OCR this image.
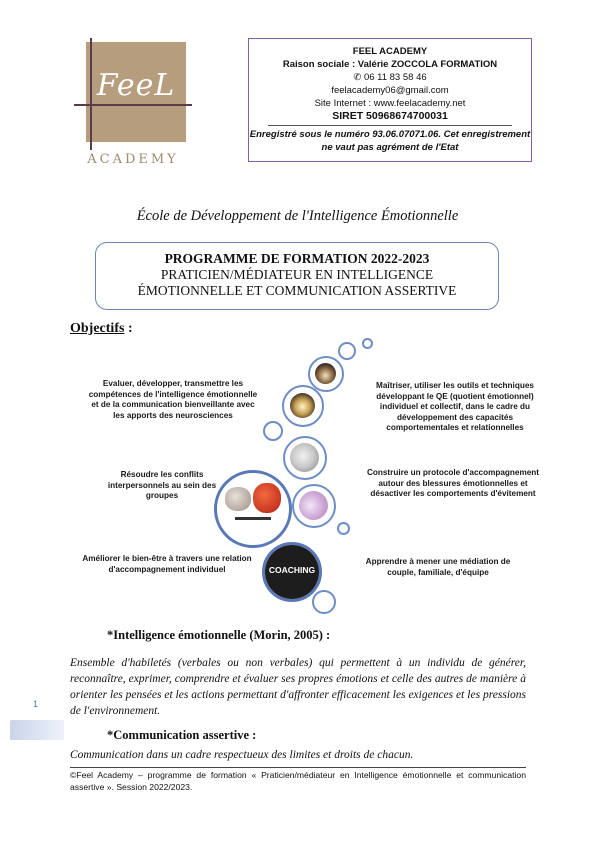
FeeL
ACADEMY
FEEL ACADEMY
Raison sociale : Valérie ZOCCOLA FORMATION
✆ 06 11 83 58 46
feelacademy06@gmail.com
Site Internet : www.feelacademy.net
SIRET 50968674700031
Enregistré sous le numéro 93.06.07071.06. Cet enregistrement ne vaut pas agrément de l'Etat
École de Développement de l'Intelligence Émotionnelle
PROGRAMME DE FORMATION 2022-2023
PRATICIEN/MÉDIATEUR EN INTELLIGENCE
ÉMOTIONNELLE ET COMMUNICATION ASSERTIVE
Objectifs :
Evaluer, développer, transmettre les compétences de l'intelligence émotionnelle et de la communication bienveillante avec les apports des neurosciences
Résoudre les conflits interpersonnels au sein des groupes
Améliorer le bien-être à travers une relation d'accompagnement individuel
Maîtriser, utiliser les outils et techniques développant le QE (quotient émotionnel) individuel et collectif, dans le cadre du développement des capacités comportementales et relationnelles
Construire un protocole d'accompagnement autour des blessures émotionnelles et désactiver les comportements d'évitement
Apprendre à mener une médiation de couple, familiale, d'équipe
COACHING
*Intelligence émotionnelle (Morin, 2005) :
Ensemble d'habiletés (verbales ou non verbales) qui permettent à un individu de générer, reconnaître, exprimer, comprendre et évaluer ses propres émotions et celle des autres de manière à orienter les pensées et les actions permettant d'affronter efficacement les exigences et les pressions de l'environnement.
1
*Communication assertive :
Communication dans un cadre respectueux des limites et droits de chacun.
©Feel Academy – programme de formation « Praticien/médiateur en Intelligence émotionnelle et communication assertive ». Session 2022/2023.
